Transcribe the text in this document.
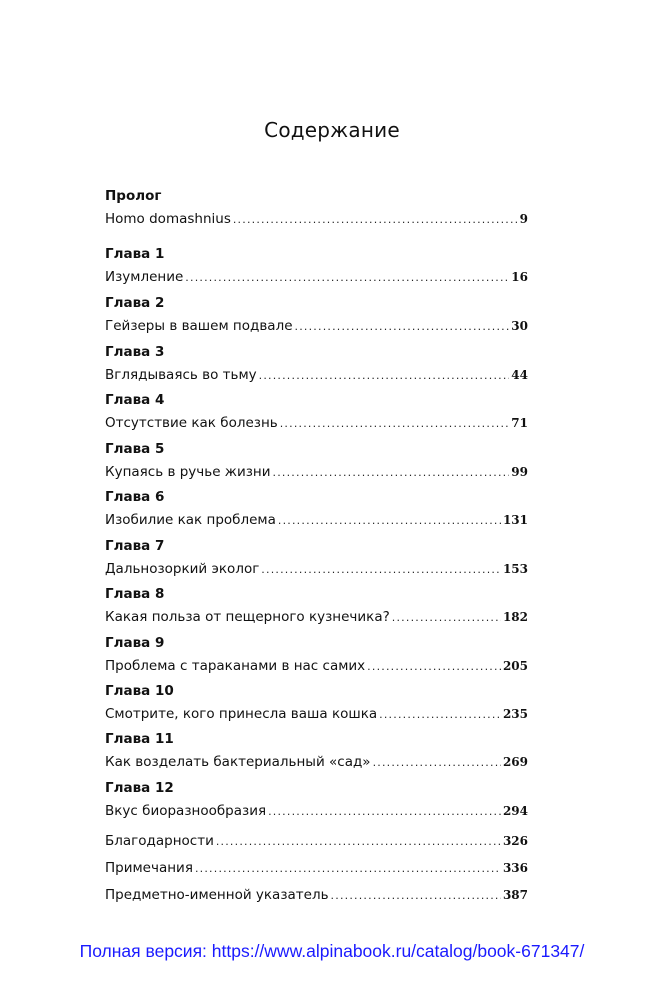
Содержание
Пролог
Homo domashnius .....	9
Глава 1
Изумление .....	16
Глава 2
Гейзеры в вашем подвале .....	30
Глава 3
Вглядываясь во тьму .....	44
Глава 4
Отсутствие как болезнь .....	71
Глава 5
Купаясь в ручье жизни .....	99
Глава 6
Изобилие как проблема .....	131
Глава 7
Дальнозоркий эколог .....	153
Глава 8
Какая польза от пещерного кузнечика? .....	182
Глава 9
Проблема с тараканами в нас самих .....	205
Глава 10
Смотрите, кого принесла ваша кошка .....	235
Глава 11
Как возделать бактериальный «сад» .....	269
Глава 12
Вкус биоразнообразия .....	294
Благодарности .....	326
Примечания .....	336
Предметно-именной указатель .....	387
Полная версия: https://www.alpinabook.ru/catalog/book-671347/
